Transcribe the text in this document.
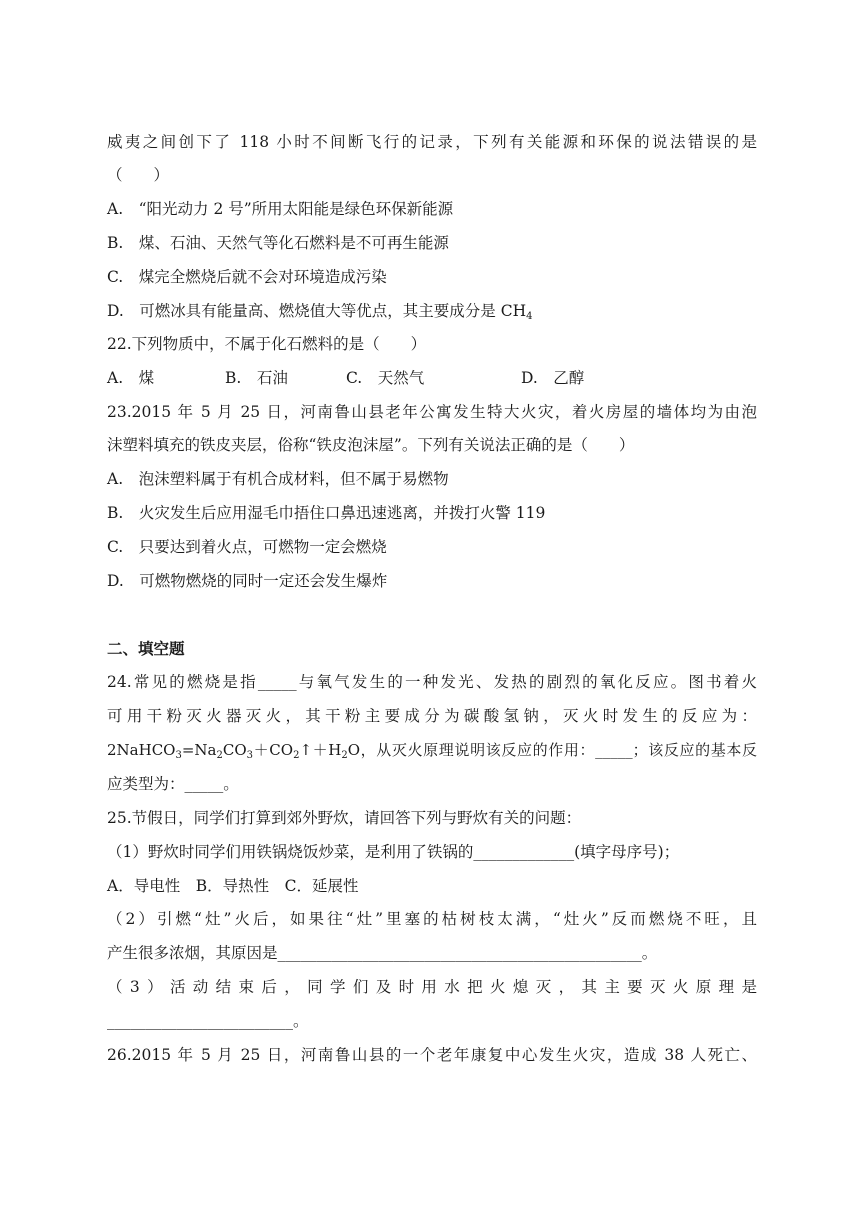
威夷之间创下了 118 小时不间断飞行的记录，下列有关能源和环保的说法错误的是
（　　）
A.　“阳光动力 2 号”所用太阳能是绿色环保新能源
B.　煤、石油、天然气等化石燃料是不可再生能源
C.　煤完全燃烧后就不会对环境造成污染
D.　可燃冰具有能量高、燃烧值大等优点，其主要成分是 $CH_4$
22.下列物质中，不属于化石燃料的是（　　）
A.　煤	B.　石油	C.　天然气	D.　乙醇
23.2015 年 5 月 25 日，河南鲁山县老年公寓发生特大火灾，着火房屋的墙体均为由泡
沫塑料填充的铁皮夹层，俗称“铁皮泡沫屋”。下列有关说法正确的是（　　）
A.　泡沫塑料属于有机合成材料，但不属于易燃物
B.　火灾发生后应用湿毛巾捂住口鼻迅速逃离，并拨打火警 119
C.　只要达到着火点，可燃物一定会燃烧
D.　可燃物燃烧的同时一定还会发生爆炸
二、填空题
24.常见的燃烧是指_____与氧气发生的一种发光、发热的剧烈的氧化反应。图书着火
可用干粉灭火器灭火，其干粉主要成分为碳酸氢钠，灭火时发生的反应为：
$2NaHCO_3=Na_2CO_3+CO_2↑+H_2O$，从灭火原理说明该反应的作用：_____；该反应的基本反
应类型为：_____。
25.节假日，同学们打算到郊外野炊，请回答下列与野炊有关的问题：
（1）野炊时同学们用铁锅烧饭炒菜，是利用了铁锅的_____________(填字母序号)；
A．导电性　B．导热性　C．延展性
（2）引燃“灶”火后，如果往“灶”里塞的枯树枝太满，“灶火”反而燃烧不旺，且
产生很多浓烟，其原因是_______________________________________________。
（3）活动结束后，同学们及时用水把火熄灭，其主要灭火原理是
________________________。
26.2015 年 5 月 25 日，河南鲁山县的一个老年康复中心发生火灾，造成 38 人死亡、
